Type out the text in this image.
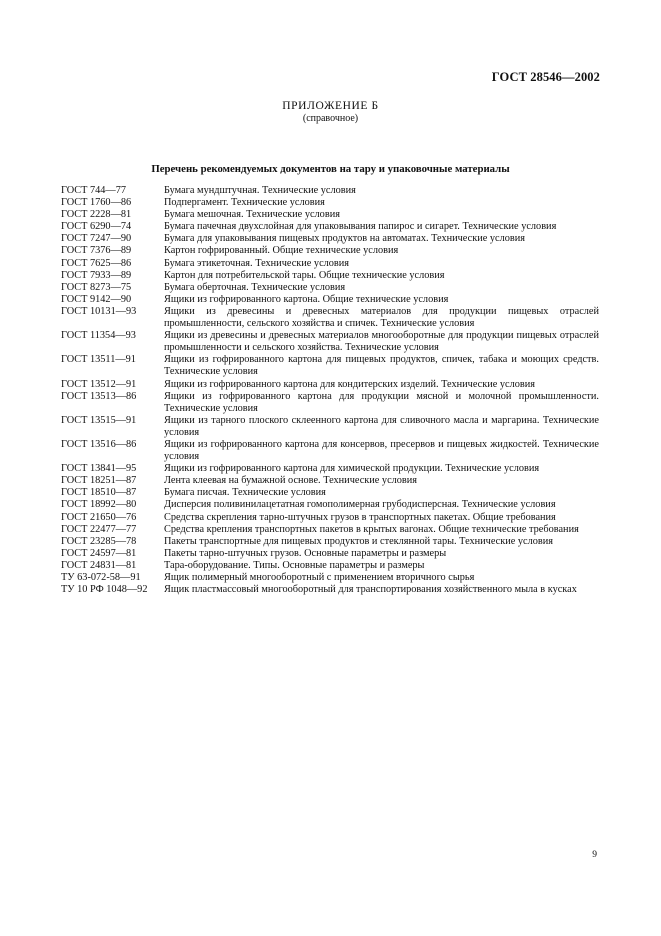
ГОСТ 28546—2002
ПРИЛОЖЕНИЕ Б
(справочное)
Перечень рекомендуемых документов на тару и упаковочные материалы
ГОСТ 744—77	Бумага мундштучная. Технические условия
ГОСТ 1760—86	Подпергамент. Технические условия
ГОСТ 2228—81	Бумага мешочная. Технические условия
ГОСТ 6290—74	Бумага пачечная двухслойная для упаковывания папирос и сигарет. Технические условия
ГОСТ 7247—90	Бумага для упаковывания пищевых продуктов на автоматах. Технические условия
ГОСТ 7376—89	Картон гофрированный. Общие технические условия
ГОСТ 7625—86	Бумага этикеточная. Технические условия
ГОСТ 7933—89	Картон для потребительской тары. Общие технические условия
ГОСТ 8273—75	Бумага оберточная. Технические условия
ГОСТ 9142—90	Ящики из гофрированного картона. Общие технические условия
ГОСТ 10131—93	Ящики из древесины и древесных материалов для продукции пищевых отраслей промышленности, сельского хозяйства и спичек. Технические условия
ГОСТ 11354—93	Ящики из древесины и древесных материалов многооборотные для продукции пищевых отраслей промышленности и сельского хозяйства. Технические условия
ГОСТ 13511—91	Ящики из гофрированного картона для пищевых продуктов, спичек, табака и моющих средств. Технические условия
ГОСТ 13512—91	Ящики из гофрированного картона для кондитерских изделий. Технические условия
ГОСТ 13513—86	Ящики из гофрированного картона для продукции мясной и молочной промышленности. Технические условия
ГОСТ 13515—91	Ящики из тарного плоского склеенного картона для сливочного масла и маргарина. Технические условия
ГОСТ 13516—86	Ящики из гофрированного картона для консервов, пресервов и пищевых жидкостей. Технические условия
ГОСТ 13841—95	Ящики из гофрированного картона для химической продукции. Технические условия
ГОСТ 18251—87	Лента клеевая на бумажной основе. Технические условия
ГОСТ 18510—87	Бумага писчая. Технические условия
ГОСТ 18992—80	Дисперсия поливинилацетатная гомополимерная грубодисперсная. Технические условия
ГОСТ 21650—76	Средства скрепления тарно-штучных грузов в транспортных пакетах. Общие требования
ГОСТ 22477—77	Средства крепления транспортных пакетов в крытых вагонах. Общие технические требования
ГОСТ 23285—78	Пакеты транспортные для пищевых продуктов и стеклянной тары. Технические условия
ГОСТ 24597—81	Пакеты тарно-штучных грузов. Основные параметры и размеры
ГОСТ 24831—81	Тара-оборудование. Типы. Основные параметры и размеры
ТУ 63-072-58—91	Ящик полимерный многооборотный с применением вторичного сырья
ТУ 10 РФ 1048—92	Ящик пластмассовый многооборотный для транспортирования хозяйственного мыла в кусках
9
